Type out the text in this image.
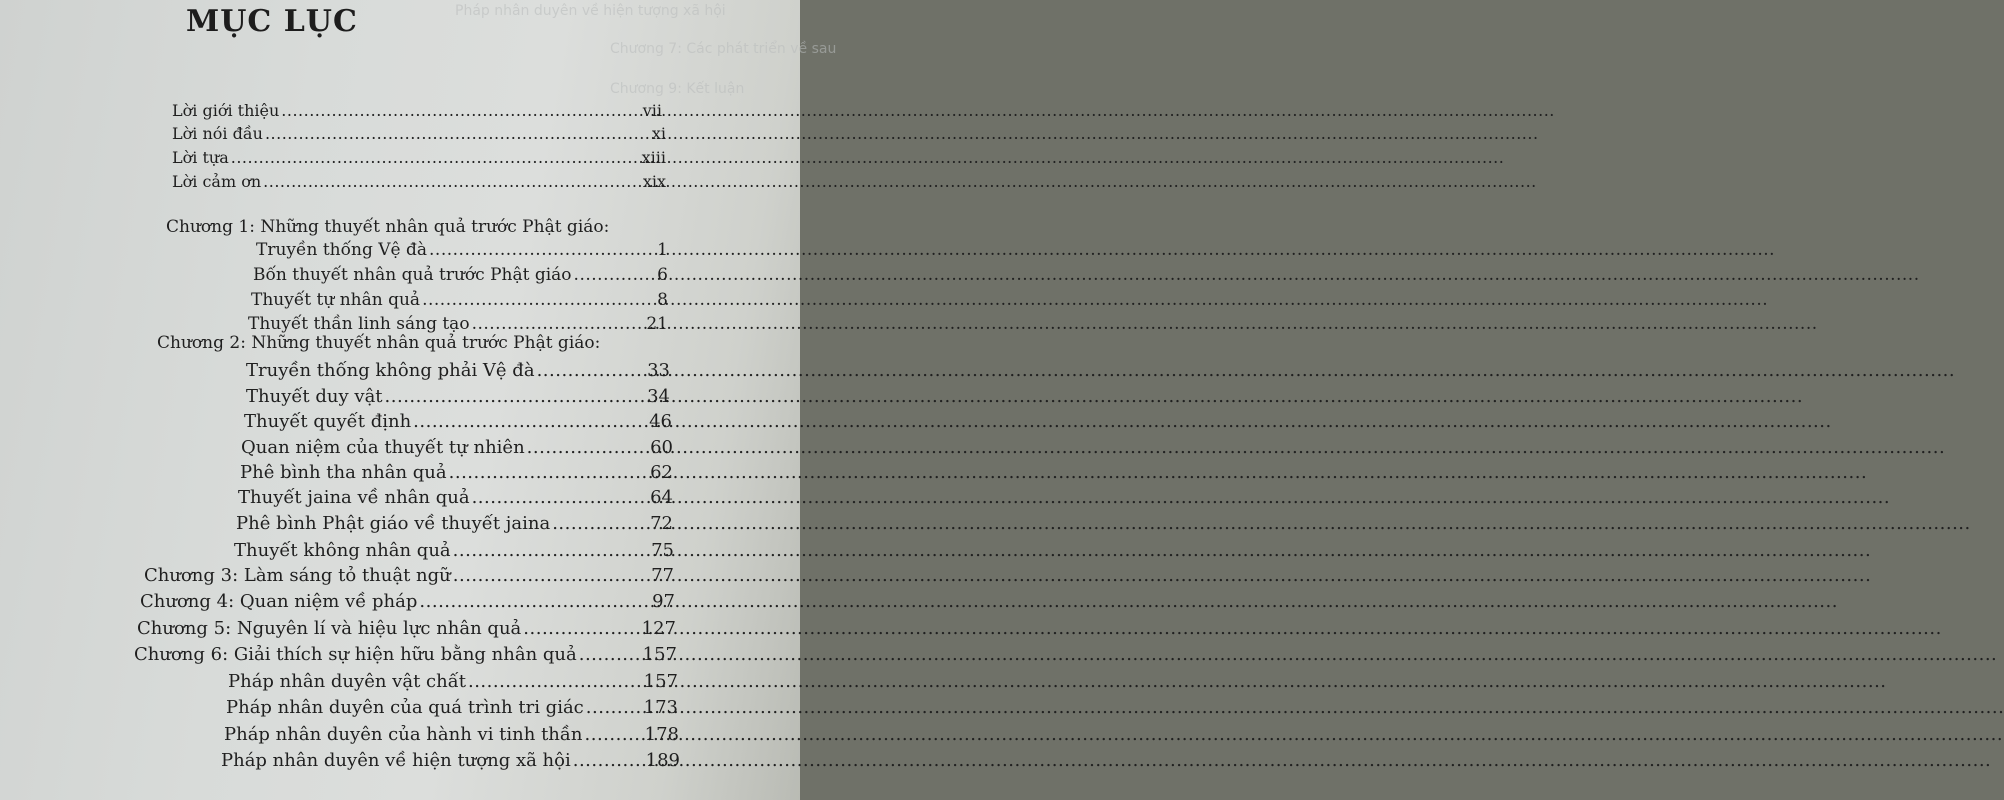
Pháp nhân duyên về hiện tượng xã hội
Chương 7: Các phát triển về sau
Chương 9: Kết luận
MỤC LỤC
Lời giới thiệu .....	vii
Lời nói đầu .....	xi
Lời tựa .....	xiii
Lời cảm ơn .....	xix
Chương 1: Những thuyết nhân quả trước Phật giáo:
Truyền thống Vệ đà .....	1
Bốn thuyết nhân quả trước Phật giáo .....	6
Thuyết tự nhân quả .....	8
Thuyết thần linh sáng tạo .....	21
Chương 2: Những thuyết nhân quả trước Phật giáo:
Truyền thống không phải Vệ đà .....	33
Thuyết duy vật .....	34
Thuyết quyết định .....	46
Quan niệm của thuyết tự nhiên .....	60
Phê bình tha nhân quả .....	62
Thuyết jaina về nhân quả .....	64
Phê bình Phật giáo về thuyết jaina .....	72
Thuyết không nhân quả .....	75
Chương 3: Làm sáng tỏ thuật ngữ .....	77
Chương 4: Quan niệm về pháp .....	97
Chương 5: Nguyên lí và hiệu lực nhân quả .....	127
Chương 6: Giải thích sự hiện hữu bằng nhân quả .....	157
Pháp nhân duyên vật chất .....	157
Pháp nhân duyên của quá trình tri giác .....	173
Pháp nhân duyên của hành vi tinh thần .....	178
Pháp nhân duyên về hiện tượng xã hội .....	189
